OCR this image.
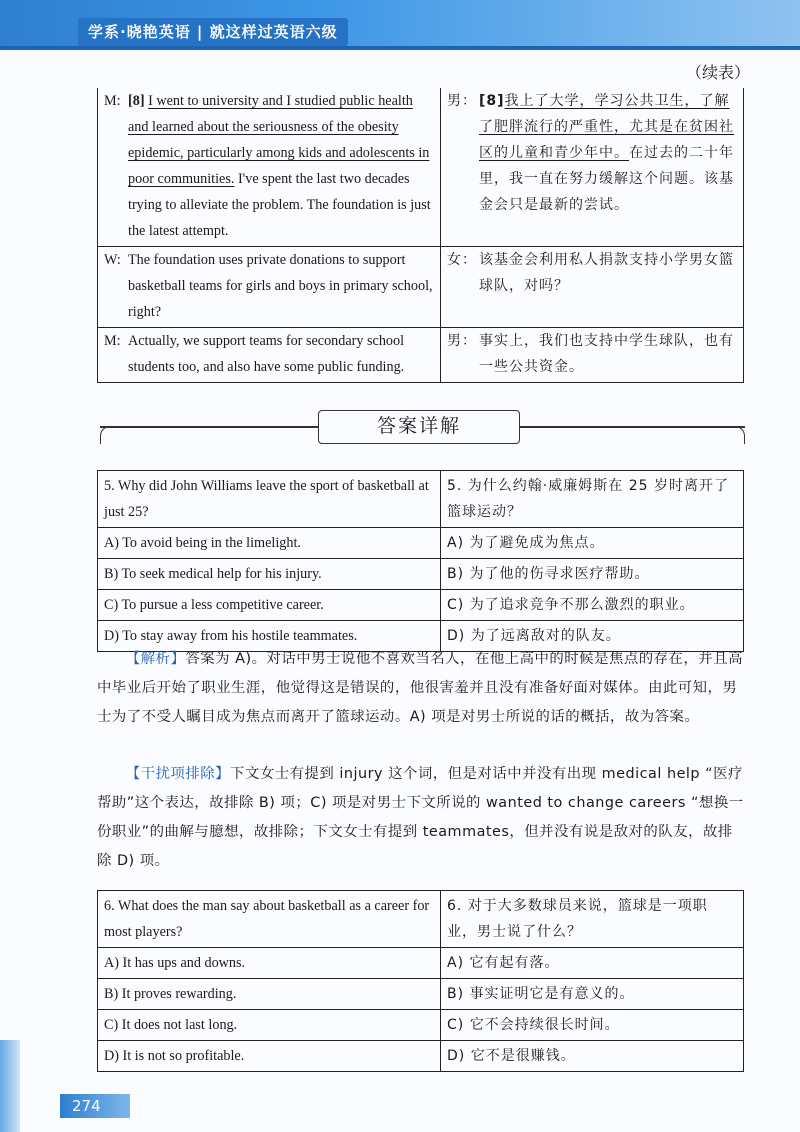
学系·晓艳英语 | 就这样过英语六级
（续表）
M: [8] I went to university and I studied public health and learned about the seriousness of the obesity epidemic, particularly among kids and adolescents in poor communities. I've spent the last two decades trying to alleviate the problem. The foundation is just the latest attempt.	男： [8]我上了大学，学习公共卫生，了解了肥胖流行的严重性，尤其是在贫困社区的儿童和青少年中。在过去的二十年里，我一直在努力缓解这个问题。该基金会只是最新的尝试。

W: The foundation uses private donations to support basketball teams for girls and boys in primary school, right?	女： 该基金会利用私人捐款支持小学男女篮球队，对吗？

M: Actually, we support teams for secondary school students too, and also have some public funding.	男： 事实上，我们也支持中学生球队，也有一些公共资金。
答案详解
5. Why did John Williams leave the sport of basketball at just 25?	5. 为什么约翰·威廉姆斯在 25 岁时离开了篮球运动？
A) To avoid being in the limelight.	A) 为了避免成为焦点。
B) To seek medical help for his injury.	B) 为了他的伤寻求医疗帮助。
C) To pursue a less competitive career.	C) 为了追求竞争不那么激烈的职业。
D) To stay away from his hostile teammates.	D) 为了远离敌对的队友。

【解析】答案为 A)。对话中男士说他不喜欢当名人，在他上高中的时候是焦点的存在，并且高中毕业后开始了职业生涯，他觉得这是错误的，他很害羞并且没有准备好面对媒体。由此可知，男士为了不受人瞩目成为焦点而离开了篮球运动。A) 项是对男士所说的话的概括，故为答案。

【干扰项排除】下文女士有提到 injury 这个词，但是对话中并没有出现 medical help “医疗帮助”这个表达，故排除 B) 项；C) 项是对男士下文所说的 wanted to change careers “想换一份职业”的曲解与臆想，故排除；下文女士有提到 teammates，但并没有说是敌对的队友，故排除 D) 项。

6. What does the man say about basketball as a career for most players?	6. 对于大多数球员来说，篮球是一项职业，男士说了什么？
A) It has ups and downs.	A) 它有起有落。
B) It proves rewarding.	B) 事实证明它是有意义的。
C) It does not last long.	C) 它不会持续很长时间。
D) It is not so profitable.	D) 它不是很赚钱。
274
